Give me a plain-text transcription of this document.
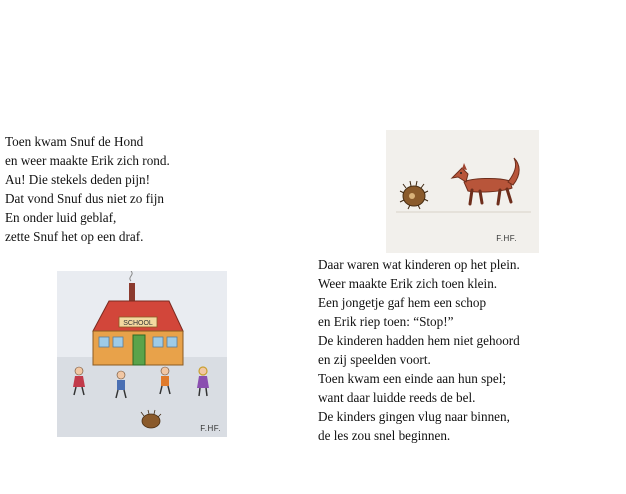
Toen kwam Snuf de Hond
en weer maakte Erik zich rond.
Au! Die stekels deden pijn!
Dat vond Snuf dus niet zo fijn
En onder luid geblaf,
zette Snuf het op een draf.	F.HF.
SCHOOL
F.HF.
Daar waren wat kinderen op het plein.
Weer maakte Erik zich toen klein.
Een jongetje gaf hem een schop
en Erik riep toen: “Stop!”
De kinderen hadden hem niet gehoord
en zij speelden voort.
Toen kwam een einde aan hun spel;
want daar luidde reeds de bel.
De kinders gingen vlug naar binnen,
de les zou snel beginnen.
